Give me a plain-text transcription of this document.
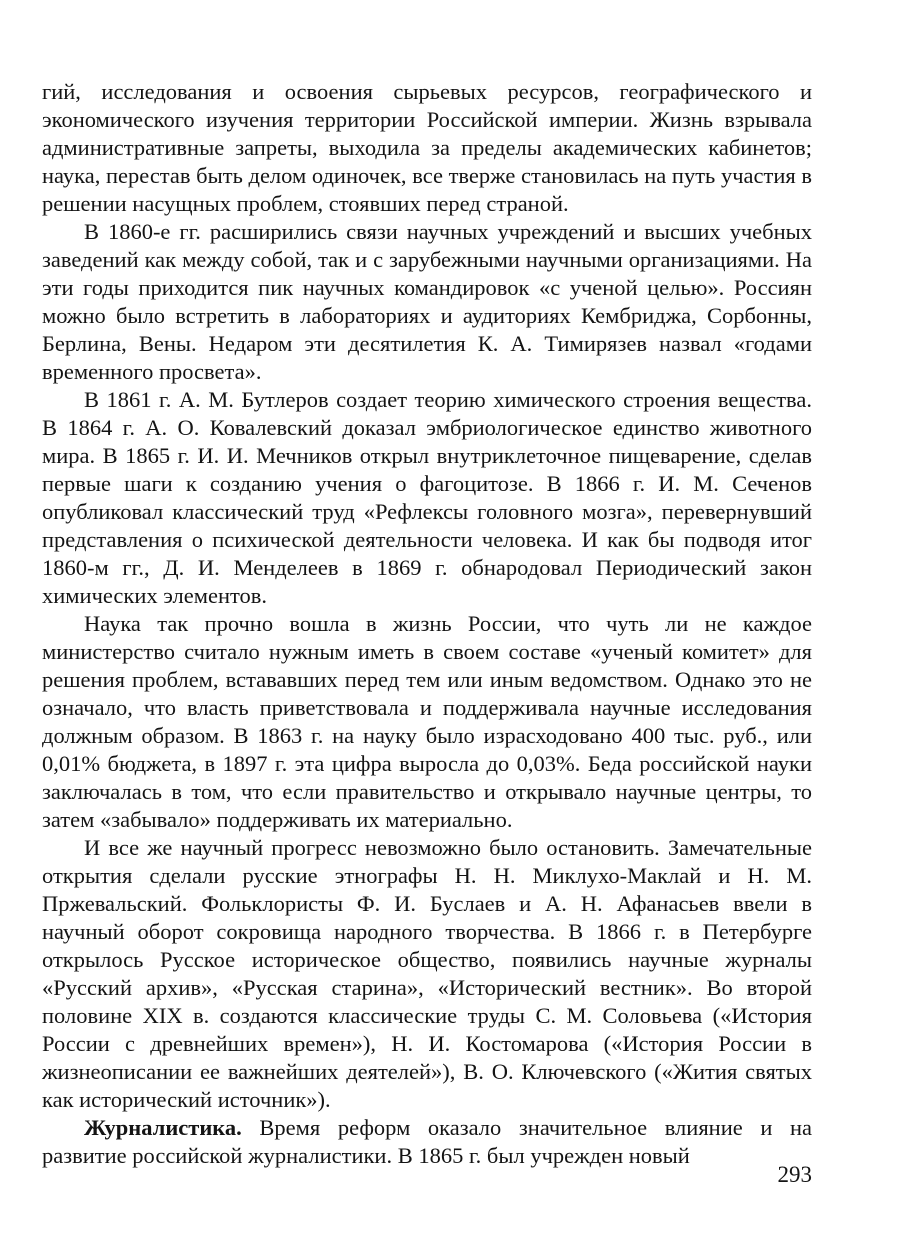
гий, исследования и освоения сырьевых ресурсов, географического и экономического изучения территории Российской империи. Жизнь взрывала административные запреты, выходила за пределы академических кабинетов; наука, перестав быть делом одиночек, все тверже становилась на путь участия в решении насущных проблем, стоявших перед страной.

В 1860-е гг. расширились связи научных учреждений и высших учебных заведений как между собой, так и с зарубежными научными организациями. На эти годы приходится пик научных командировок «с ученой целью». Россиян можно было встретить в лабораториях и аудиториях Кембриджа, Сорбонны, Берлина, Вены. Недаром эти десятилетия К. А. Тимирязев назвал «годами временного просвета».

В 1861 г. А. М. Бутлеров создает теорию химического строения вещества. В 1864 г. А. О. Ковалевский доказал эмбриологическое единство животного мира. В 1865 г. И. И. Мечников открыл внутриклеточное пищеварение, сделав первые шаги к созданию учения о фагоцитозе. В 1866 г. И. М. Сеченов опубликовал классический труд «Рефлексы головного мозга», перевернувший представления о психической деятельности человека. И как бы подводя итог 1860-м гг., Д. И. Менделеев в 1869 г. обнародовал Периодический закон химических элементов.

Наука так прочно вошла в жизнь России, что чуть ли не каждое министерство считало нужным иметь в своем составе «ученый комитет» для решения проблем, встававших перед тем или иным ведомством. Однако это не означало, что власть приветствовала и поддерживала научные исследования должным образом. В 1863 г. на науку было израсходовано 400 тыс. руб., или 0,01% бюджета, в 1897 г. эта цифра выросла до 0,03%. Беда российской науки заключалась в том, что если правительство и открывало научные центры, то затем «забывало» поддерживать их материально.

И все же научный прогресс невозможно было остановить. Замечательные открытия сделали русские этнографы Н. Н. Миклухо-Маклай и Н. М. Пржевальский. Фольклористы Ф. И. Буслаев и А. Н. Афанасьев ввели в научный оборот сокровища народного творчества. В 1866 г. в Петербурге открылось Русское историческое общество, появились научные журналы «Русский архив», «Русская старина», «Исторический вестник». Во второй половине XIX в. создаются классические труды С. М. Соловьева («История России с древнейших времен»), Н. И. Костомарова («История России в жизнеописании ее важнейших деятелей»), В. О. Ключевского («Жития святых как исторический источник»).

Журналистика. Время реформ оказало значительное влияние и на развитие российской журналистики. В 1865 г. был учрежден новый

293
